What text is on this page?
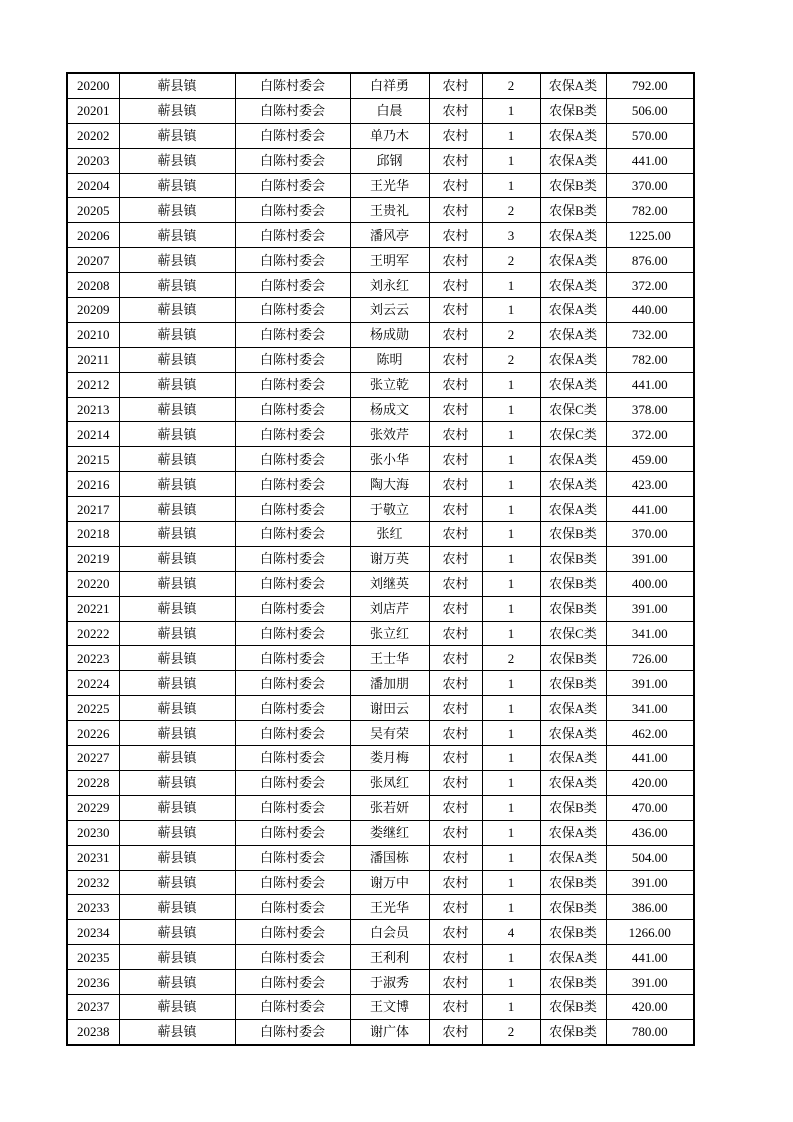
20200	蕲县镇	白陈村委会	白祥勇	农村	2	农保A类	792.00
20201	蕲县镇	白陈村委会	白晨	农村	1	农保B类	506.00
20202	蕲县镇	白陈村委会	单乃木	农村	1	农保A类	570.00
20203	蕲县镇	白陈村委会	邱钢	农村	1	农保A类	441.00
20204	蕲县镇	白陈村委会	王光华	农村	1	农保B类	370.00
20205	蕲县镇	白陈村委会	王贵礼	农村	2	农保B类	782.00
20206	蕲县镇	白陈村委会	潘风亭	农村	3	农保A类	1225.00
20207	蕲县镇	白陈村委会	王明军	农村	2	农保A类	876.00
20208	蕲县镇	白陈村委会	刘永红	农村	1	农保A类	372.00
20209	蕲县镇	白陈村委会	刘云云	农村	1	农保A类	440.00
20210	蕲县镇	白陈村委会	杨成勋	农村	2	农保A类	732.00
20211	蕲县镇	白陈村委会	陈明	农村	2	农保A类	782.00
20212	蕲县镇	白陈村委会	张立乾	农村	1	农保A类	441.00
20213	蕲县镇	白陈村委会	杨成文	农村	1	农保C类	378.00
20214	蕲县镇	白陈村委会	张效芹	农村	1	农保C类	372.00
20215	蕲县镇	白陈村委会	张小华	农村	1	农保A类	459.00
20216	蕲县镇	白陈村委会	陶大海	农村	1	农保A类	423.00
20217	蕲县镇	白陈村委会	于敬立	农村	1	农保A类	441.00
20218	蕲县镇	白陈村委会	张红	农村	1	农保B类	370.00
20219	蕲县镇	白陈村委会	谢万英	农村	1	农保B类	391.00
20220	蕲县镇	白陈村委会	刘继英	农村	1	农保B类	400.00
20221	蕲县镇	白陈村委会	刘店芹	农村	1	农保B类	391.00
20222	蕲县镇	白陈村委会	张立红	农村	1	农保C类	341.00
20223	蕲县镇	白陈村委会	王士华	农村	2	农保B类	726.00
20224	蕲县镇	白陈村委会	潘加朋	农村	1	农保B类	391.00
20225	蕲县镇	白陈村委会	谢田云	农村	1	农保A类	341.00
20226	蕲县镇	白陈村委会	吴有荣	农村	1	农保A类	462.00
20227	蕲县镇	白陈村委会	娄月梅	农村	1	农保A类	441.00
20228	蕲县镇	白陈村委会	张凤红	农村	1	农保A类	420.00
20229	蕲县镇	白陈村委会	张若妍	农村	1	农保B类	470.00
20230	蕲县镇	白陈村委会	娄继红	农村	1	农保A类	436.00
20231	蕲县镇	白陈村委会	潘国栋	农村	1	农保A类	504.00
20232	蕲县镇	白陈村委会	谢万中	农村	1	农保B类	391.00
20233	蕲县镇	白陈村委会	王光华	农村	1	农保B类	386.00
20234	蕲县镇	白陈村委会	白会员	农村	4	农保B类	1266.00
20235	蕲县镇	白陈村委会	王利利	农村	1	农保A类	441.00
20236	蕲县镇	白陈村委会	于淑秀	农村	1	农保B类	391.00
20237	蕲县镇	白陈村委会	王文博	农村	1	农保B类	420.00
20238	蕲县镇	白陈村委会	谢广体	农村	2	农保B类	780.00
